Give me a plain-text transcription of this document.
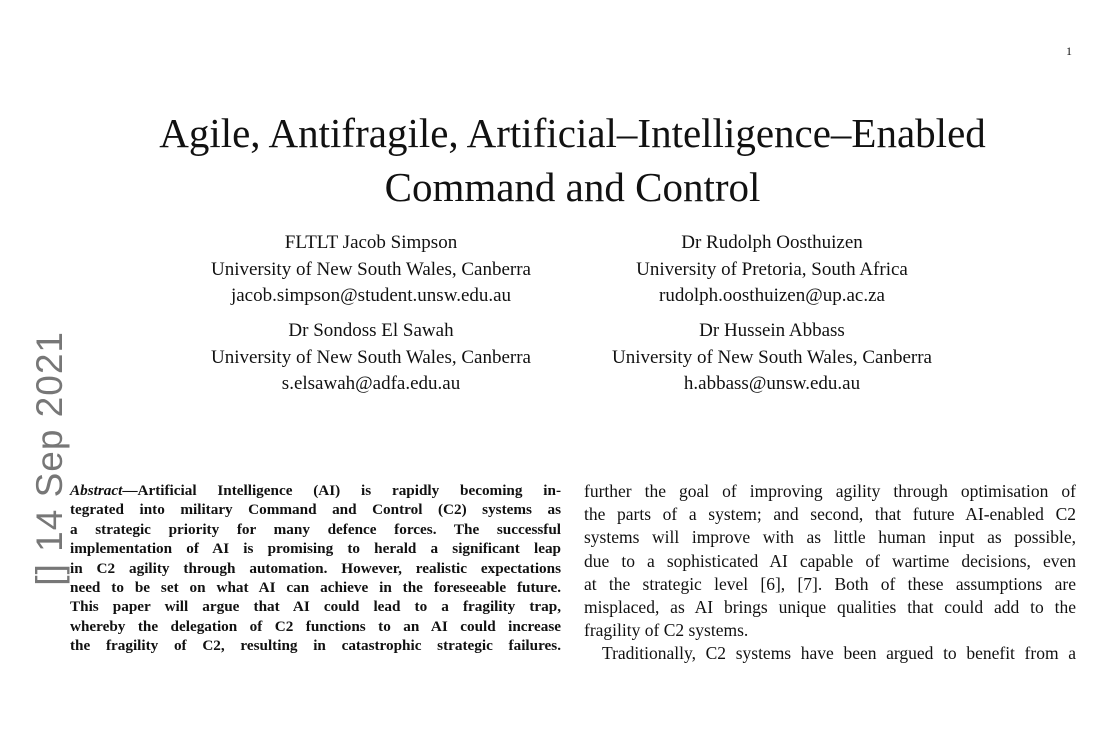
1
Agile, Antifragile, Artificial–Intelligence–Enabled
Command and Control
FLTLT Jacob Simpson
University of New South Wales, Canberra
jacob.simpson@student.unsw.edu.au
Dr Rudolph Oosthuizen
University of Pretoria, South Africa
rudolph.oosthuizen@up.ac.za
Dr Sondoss El Sawah
University of New South Wales, Canberra
s.elsawah@adfa.edu.au
Dr Hussein Abbass
University of New South Wales, Canberra
h.abbass@unsw.edu.au
[] 14 Sep 2021 Abstract—Artificial Intelligence (AI) is rapidly becoming in-
tegrated into military Command and Control (C2) systems as
a strategic priority for many defence forces. The successful
implementation of AI is promising to herald a significant leap
in C2 agility through automation. However, realistic expectations
need to be set on what AI can achieve in the foreseeable future.
This paper will argue that AI could lead to a fragility trap,
whereby the delegation of C2 functions to an AI could increase
the fragility of C2, resulting in catastrophic strategic failures.
further the goal of improving agility through optimisation of
the parts of a system; and second, that future AI-enabled C2
systems will improve with as little human input as possible,
due to a sophisticated AI capable of wartime decisions, even
at the strategic level [6], [7]. Both of these assumptions are
misplaced, as AI brings unique qualities that could add to the
fragility of C2 systems.
Traditionally, C2 systems have been argued to benefit from a
